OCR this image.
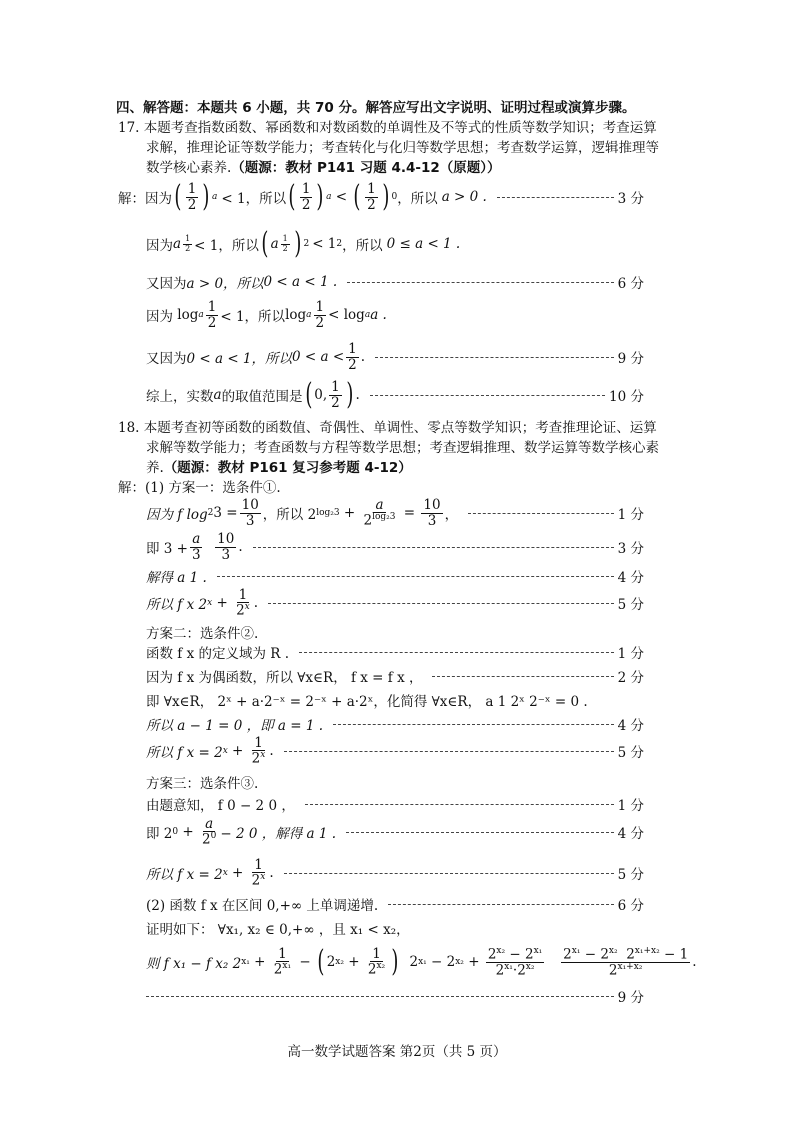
四、解答题：本题共 6 小题，共 70 分。解答应写出文字说明、证明过程或演算步骤。
17. 本题考查指数函数、幂函数和对数函数的单调性及不等式的性质等数学知识；考查运算
求解，推理论证等数学能力；考查转化与化归等数学思想；考查数学运算，逻辑推理等
数学核心素养. （题源：教材 P141 习题 4.4-12（原题））
解：因为 ( $\frac{1}{2}$ ) a < 1，所以 ( $\frac{1}{2}$ ) a < ( $\frac{1}{2}$ ) 0 ，所以 a > 0 .	3 分
因为 a $\frac{1}{2} < 1$，所以 ( a $\frac{1}{2}$ ) 2 < 1 2 ，所以 0 ≤ a < 1 .
又因为 a > 0，所以 0 < a < 1 .	6 分
因为 log a $\frac{1}{2} < 1$，所以 log a $\frac{1}{2} < \log a$ a .
又因为 0 < a < 1，所以 $0 < a < \frac{1}{2}$ .	9 分
综上，实数 a 的取值范围是 ( 0, $\frac{1}{2}$ ) .	10 分
18. 本题考查初等函数的函数值、奇偶性、单调性、零点等数学知识；考查推理论证、运算
求解等数学能力；考查函数与方程等数学思想；考查逻辑推理、数学运算等数学核心素
养. （题源：教材 P161 复习参考题 4-12）
解：(1) 方案一：选条件①.
因为 f log 2 $3 = \frac{10}{3}$ ，所以 2 $\log_23 + \frac{a}{2^{log_23}} = \frac{10}{3}$ ，	1 分
即 $3 + \frac{a}{3}$
$\frac{10}{3}$ .	3 分
解得 a 1 .	4 分
所以 f x 2 $x + \frac{1}{2^x}$ .	5 分
方案二：选条件②.
函数 f x 的定义域为 R .	1 分
因为 f x 为偶函数，所以 ∀x∈R， f x = f x ，	2 分
即 ∀x∈R， 2ˣ + a·2⁻ˣ = 2⁻ˣ + a·2ˣ，化简得 ∀x∈R， a 1 2ˣ 2⁻ˣ = 0 .
所以 a − 1 = 0 ，即 a = 1 .	4 分
所以 f x = 2 $x + \frac{1}{2^x}$ .	5 分
方案三：选条件③.
由题意知， f 0 − 2 0 ，	1 分
即 2 $0 + \frac{a}{2^0} - 2$ 0 ，解得 a 1 .	4 分
所以 f x = 2 $x + \frac{1}{2^x}$ .	5 分
(2) 函数 f x 在区间 0,+∞ 上单调递增.	6 分
证明如下： ∀x₁, x₂ ∈ 0,+∞ ，且 x₁ < x₂，
则 f x₁ − f x₂ 2 $x_1 + \frac{1}{2^{x_1}}$ − ( 2 $x_2 + \frac{1}{2^{x_2}}$ ) 2 x₁ − 2 $x_2 + \frac{2^{x_2} - 2^{x_1}}{2^{x_1}\cdot 2^{x_2}}$
$\frac{2^{x_1} - 2^{x_2} 2^{x_1+x_2} - 1}{2^{x_1+x_2}}$ .
9 分
高一数学试题答案 第2页（共 5 页）
